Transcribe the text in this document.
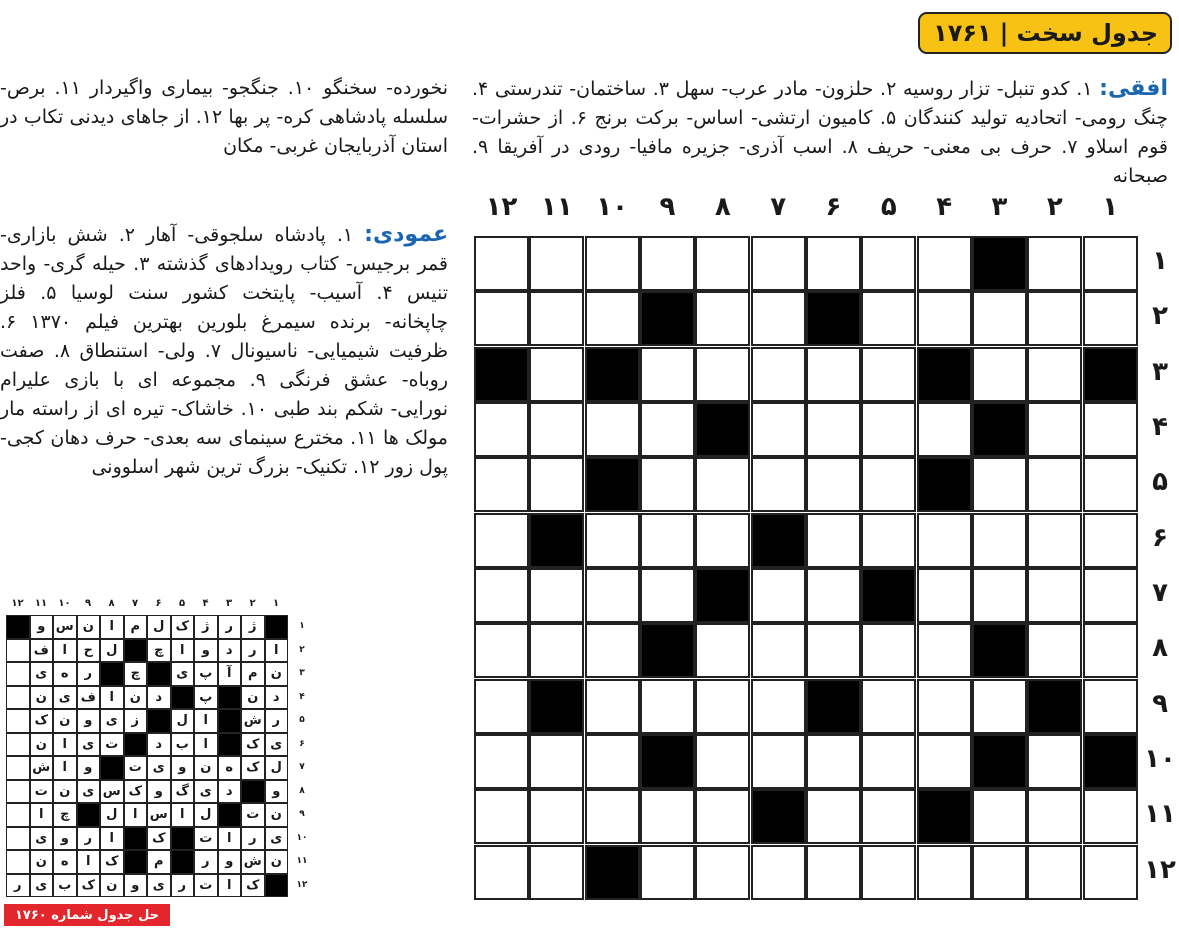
جدول سخت
|
۱۷۶۱
افقی: ۱. کدو تنبل- تزار روسیه ۲. حلزون- مادر عرب- سهل ۳. ساختمان- تندرستی ۴. چنگ رومی- اتحادیه تولید کنندگان ۵. کامیون ارتشی- اساس- برکت برنج ۶. از حشرات- قوم اسلاو ۷. حرف بی معنی- حریف ۸. اسب آذری- جزیره مافیا- رودی در آفریقا ۹. صبحانه
نخورده- سخنگو ۱۰. جنگجو- بیماری واگیردار ۱۱. برص- سلسله پادشاهی کره- پر بها ۱۲. از جاهای دیدنی تکاب در استان آذربایجان غربی- مکان
عمودی: ۱. پادشاه سلجوقی- آهار ۲. شش بازاری- قمر برجیس- کتاب رویدادهای گذشته ۳. حیله گری- واحد تنیس ۴. آسیب- پایتخت کشور سنت لوسیا ۵. فلز چاپخانه- برنده سیمرغ بلورین بهترین فیلم ۱۳۷۰ ۶. ظرفیت شیمیایی- ناسیونال ۷. ولی- استنطاق ۸. صفت روباه- عشق فرنگی ۹. مجموعه ای با بازی علیرام نورایی- شکم بند طبی ۱۰. خاشاک- تیره ای از راسته مار مولک ها ۱۱. مخترع سینمای سه بعدی- حرف دهان کجی- پول زور ۱۲. تکنیک- بزرگ ترین شهر اسلوونی
۱
۲
۳
۴
۵
۶
۷
۸
۹
۱۰
۱۱
۱۲
۱
۲
۳
۴
۵
۶
۷
۸
۹
۱۰
۱۱
۱۲
۱
۲
۳
۴
۵
۶
۷
۸
۹
۱۰
۱۱
۱۲
۱
۲
۳
۴
۵
۶
۷
۸
۹
۱۰
۱۱
۱۲
ژ
ر
ژ
ک
ل
م
ا
ن
س
و
ا
ر
د
و
ا
چ
ل
ح
ا
ف
ن
م
آ
پ
ی
چ
ر
ه
ی
د
ن
پ
د
ن
ا
ف
ی
ن
ر
ش
ا
ل
ز
ی
و
ن
ک
ی
ک
ا
ب
د
ت
ی
ا
ن
ل
ک
ه
ن
و
ی
ت
و
ا
ش
و
د
ی
گ
و
ک
س
ی
ن
ت
ن
ت
ل
ا
س
ا
ل
چ
ا
ی
ر
ا
ت
ک
ا
ر
و
ی
ن
ش
و
ر
م
ک
ا
ه
ن
ک
ا
ت
ر
ی
و
ن
ک
ب
ی
ر
حل جدول شماره ۱۷۶۰
